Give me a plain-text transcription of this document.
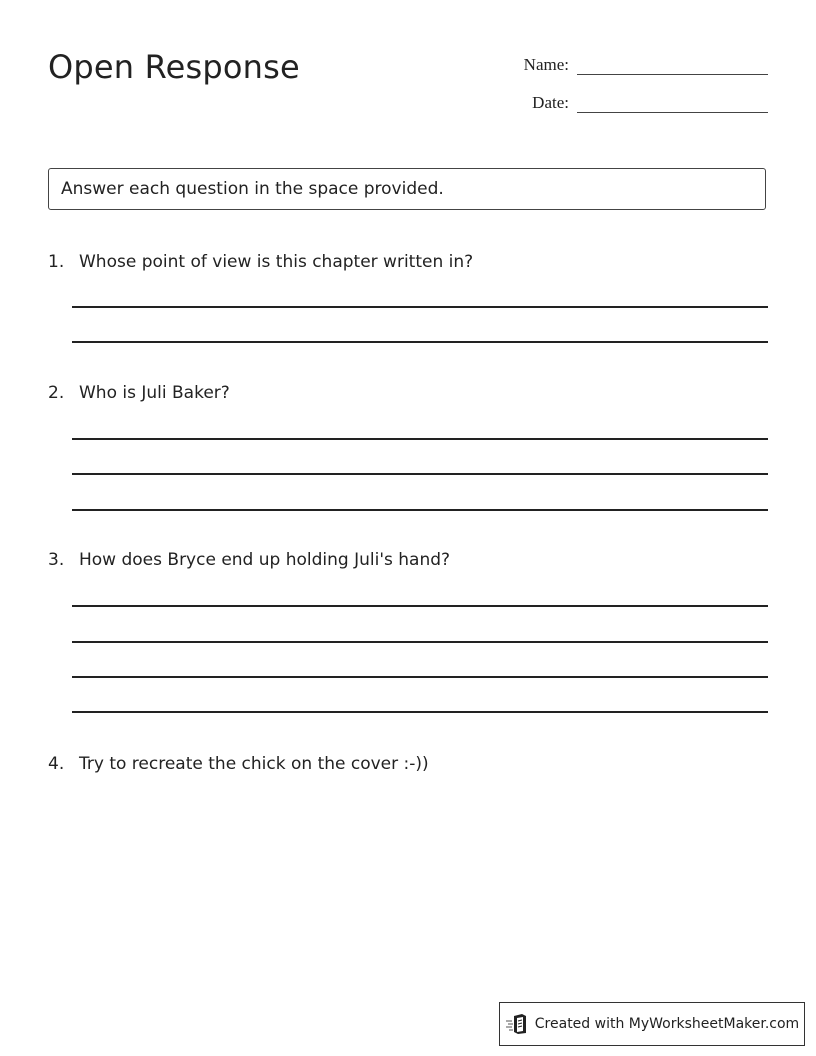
Open Response	Name:
Date:
Answer each question in the space provided.
1. Whose point of view is this chapter written in?
2. Who is Juli Baker?
3. How does Bryce end up holding Juli's hand?
4. Try to recreate the chick on the cover :-))
Created with MyWorksheetMaker.com
